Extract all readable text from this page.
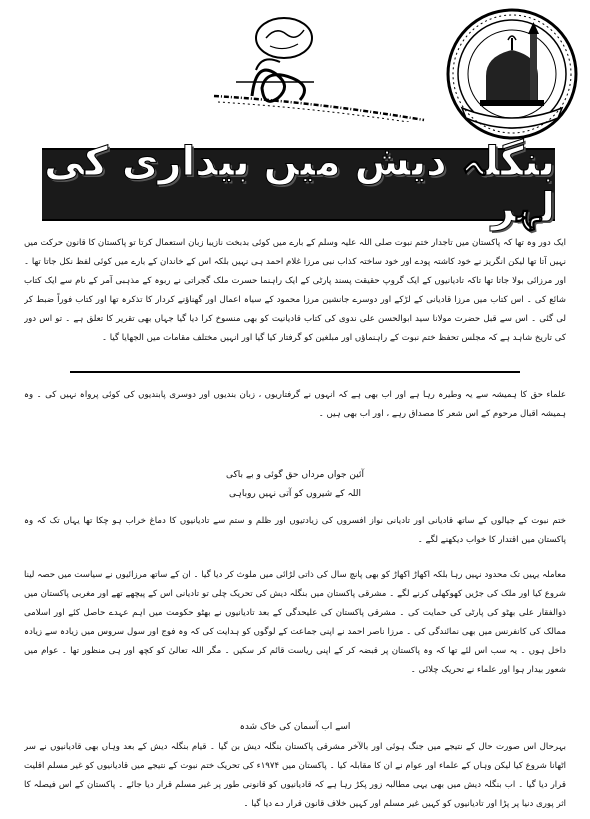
بنگلہ دیش میں بیداری کی لہر
ایک دور وہ تھا کہ پاکستان میں تاجدار ختم نبوت صلی اللہ علیہ وسلم کے بارے میں کوئی بدبخت نازیبا زبان استعمال کرتا تو پاکستان کا قانون حرکت میں نہیں آتا تھا لیکن انگریز نے خود کاشتہ پودے اور خود ساختہ کذاب نبی مرزا غلام احمد ہی نہیں بلکہ اس کے خاندان کے بارے میں کوئی لفظ نکل جاتا تھا ۔ اور مرزائی بولا جاتا تھا تاکہ تادیانیوں کے ایک گروپ حقیقت پسند پارٹی کے ایک راہنما حسرت ملک گجراتی نے ربوہ کے مذہبی آمر کے نام سے ایک کتاب شائع کی ۔ اس کتاب میں مرزا قادیانی کے لڑکے اور دوسرے جانشین مرزا محمود کے سیاہ اعمال اور گھناؤنے کردار کا تذکرہ تھا اور کتاب فوراً ضبط کر لی گئی ۔ اس سے قبل حضرت مولانا سید ابوالحسن علی ندوی کی کتاب قادیانیت کو بھی منسوخ کرا دیا گیا جہاں بھی تقریر کا تعلق ہے ۔ تو اس دور کی تاریخ شاہد ہے کہ مجلس تحفظ ختم نبوت کے راہنماؤں اور مبلغین کو گرفتار کیا گیا اور انہیں مختلف مقامات میں الجھایا گیا ۔
علماء حق کا ہمیشہ سے یہ وطیرہ رہا ہے اور اب بھی ہے کہ انہوں نے گرفتاریوں ، زبان بندیوں اور دوسری پابندیوں کی کوئی پرواہ نہیں کی ۔ وہ ہمیشہ اقبال مرحوم کے اس شعر کا مصداق رہے ، اور اب بھی ہیں ۔
آئین جواں مرداں حق گوئی و بے باکی
اللہ کے شیروں کو آتی نہیں روباہی
ختم نبوت کے جیالوں کے ساتھ قادیانی اور تادیانی نواز افسروں کی زیادتیوں اور ظلم و ستم سے تادیانیوں کا دماغ خراب ہو چکا تھا یہاں تک کہ وہ پاکستان میں اقتدار کا خواب دیکھنے لگے ۔
معاملہ یہیں تک محدود نہیں رہا بلکہ اکھاڑ اکھاڑ کو بھی پانچ سال کی ذاتی لڑائی میں ملوث کر دیا گیا ۔ ان کے ساتھ مرزائیوں نے سیاست میں حصہ لینا شروع کیا اور ملک کی جڑیں کھوکھلی کرنے لگے ۔ مشرقی پاکستان میں بنگلہ دیش کی تحریک چلی تو تادیانی اس کے پیچھے تھے اور مغربی پاکستان میں ذوالفقار علی بھٹو کی پارٹی کی حمایت کی ۔ مشرقی پاکستان کی علیحدگی کے بعد تادیانیوں نے بھٹو حکومت میں اہم عہدے حاصل کئے اور اسلامی ممالک کی کانفرنس میں بھی نمائندگی کی ۔ مرزا ناصر احمد نے اپنی جماعت کے لوگوں کو ہدایت کی کہ وہ فوج اور سول سروس میں زیادہ سے زیادہ داخل ہوں ۔ یہ سب اس لئے تھا کہ وہ پاکستان پر قبضہ کر کے اپنی ریاست قائم کر سکیں ۔ مگر اللہ تعالیٰ کو کچھ اور ہی منظور تھا ۔ عوام میں شعور بیدار ہوا اور علماء نے تحریک چلائی ۔
اسے اب آسمان کی خاک شدہ
بہرحال اس صورت حال کے نتیجے میں جنگ ہوئی اور بالآخر مشرقی پاکستان بنگلہ دیش بن گیا ۔ قیام بنگلہ دیش کے بعد وہاں بھی قادیانیوں نے سر اٹھانا شروع کیا لیکن وہاں کے علماء اور عوام نے ان کا مقابلہ کیا ۔ پاکستان میں ۱۹۷۴ء کی تحریک ختم نبوت کے نتیجے میں قادیانیوں کو غیر مسلم اقلیت قرار دیا گیا ۔ اب بنگلہ دیش میں بھی یہی مطالبہ زور پکڑ رہا ہے کہ قادیانیوں کو قانونی طور پر غیر مسلم قرار دیا جائے ۔ پاکستان کے اس فیصلہ کا اثر پوری دنیا پر پڑا اور تادیانیوں کو کہیں غیر مسلم اور کہیں خلاف قانون قرار دے دیا گیا ۔
